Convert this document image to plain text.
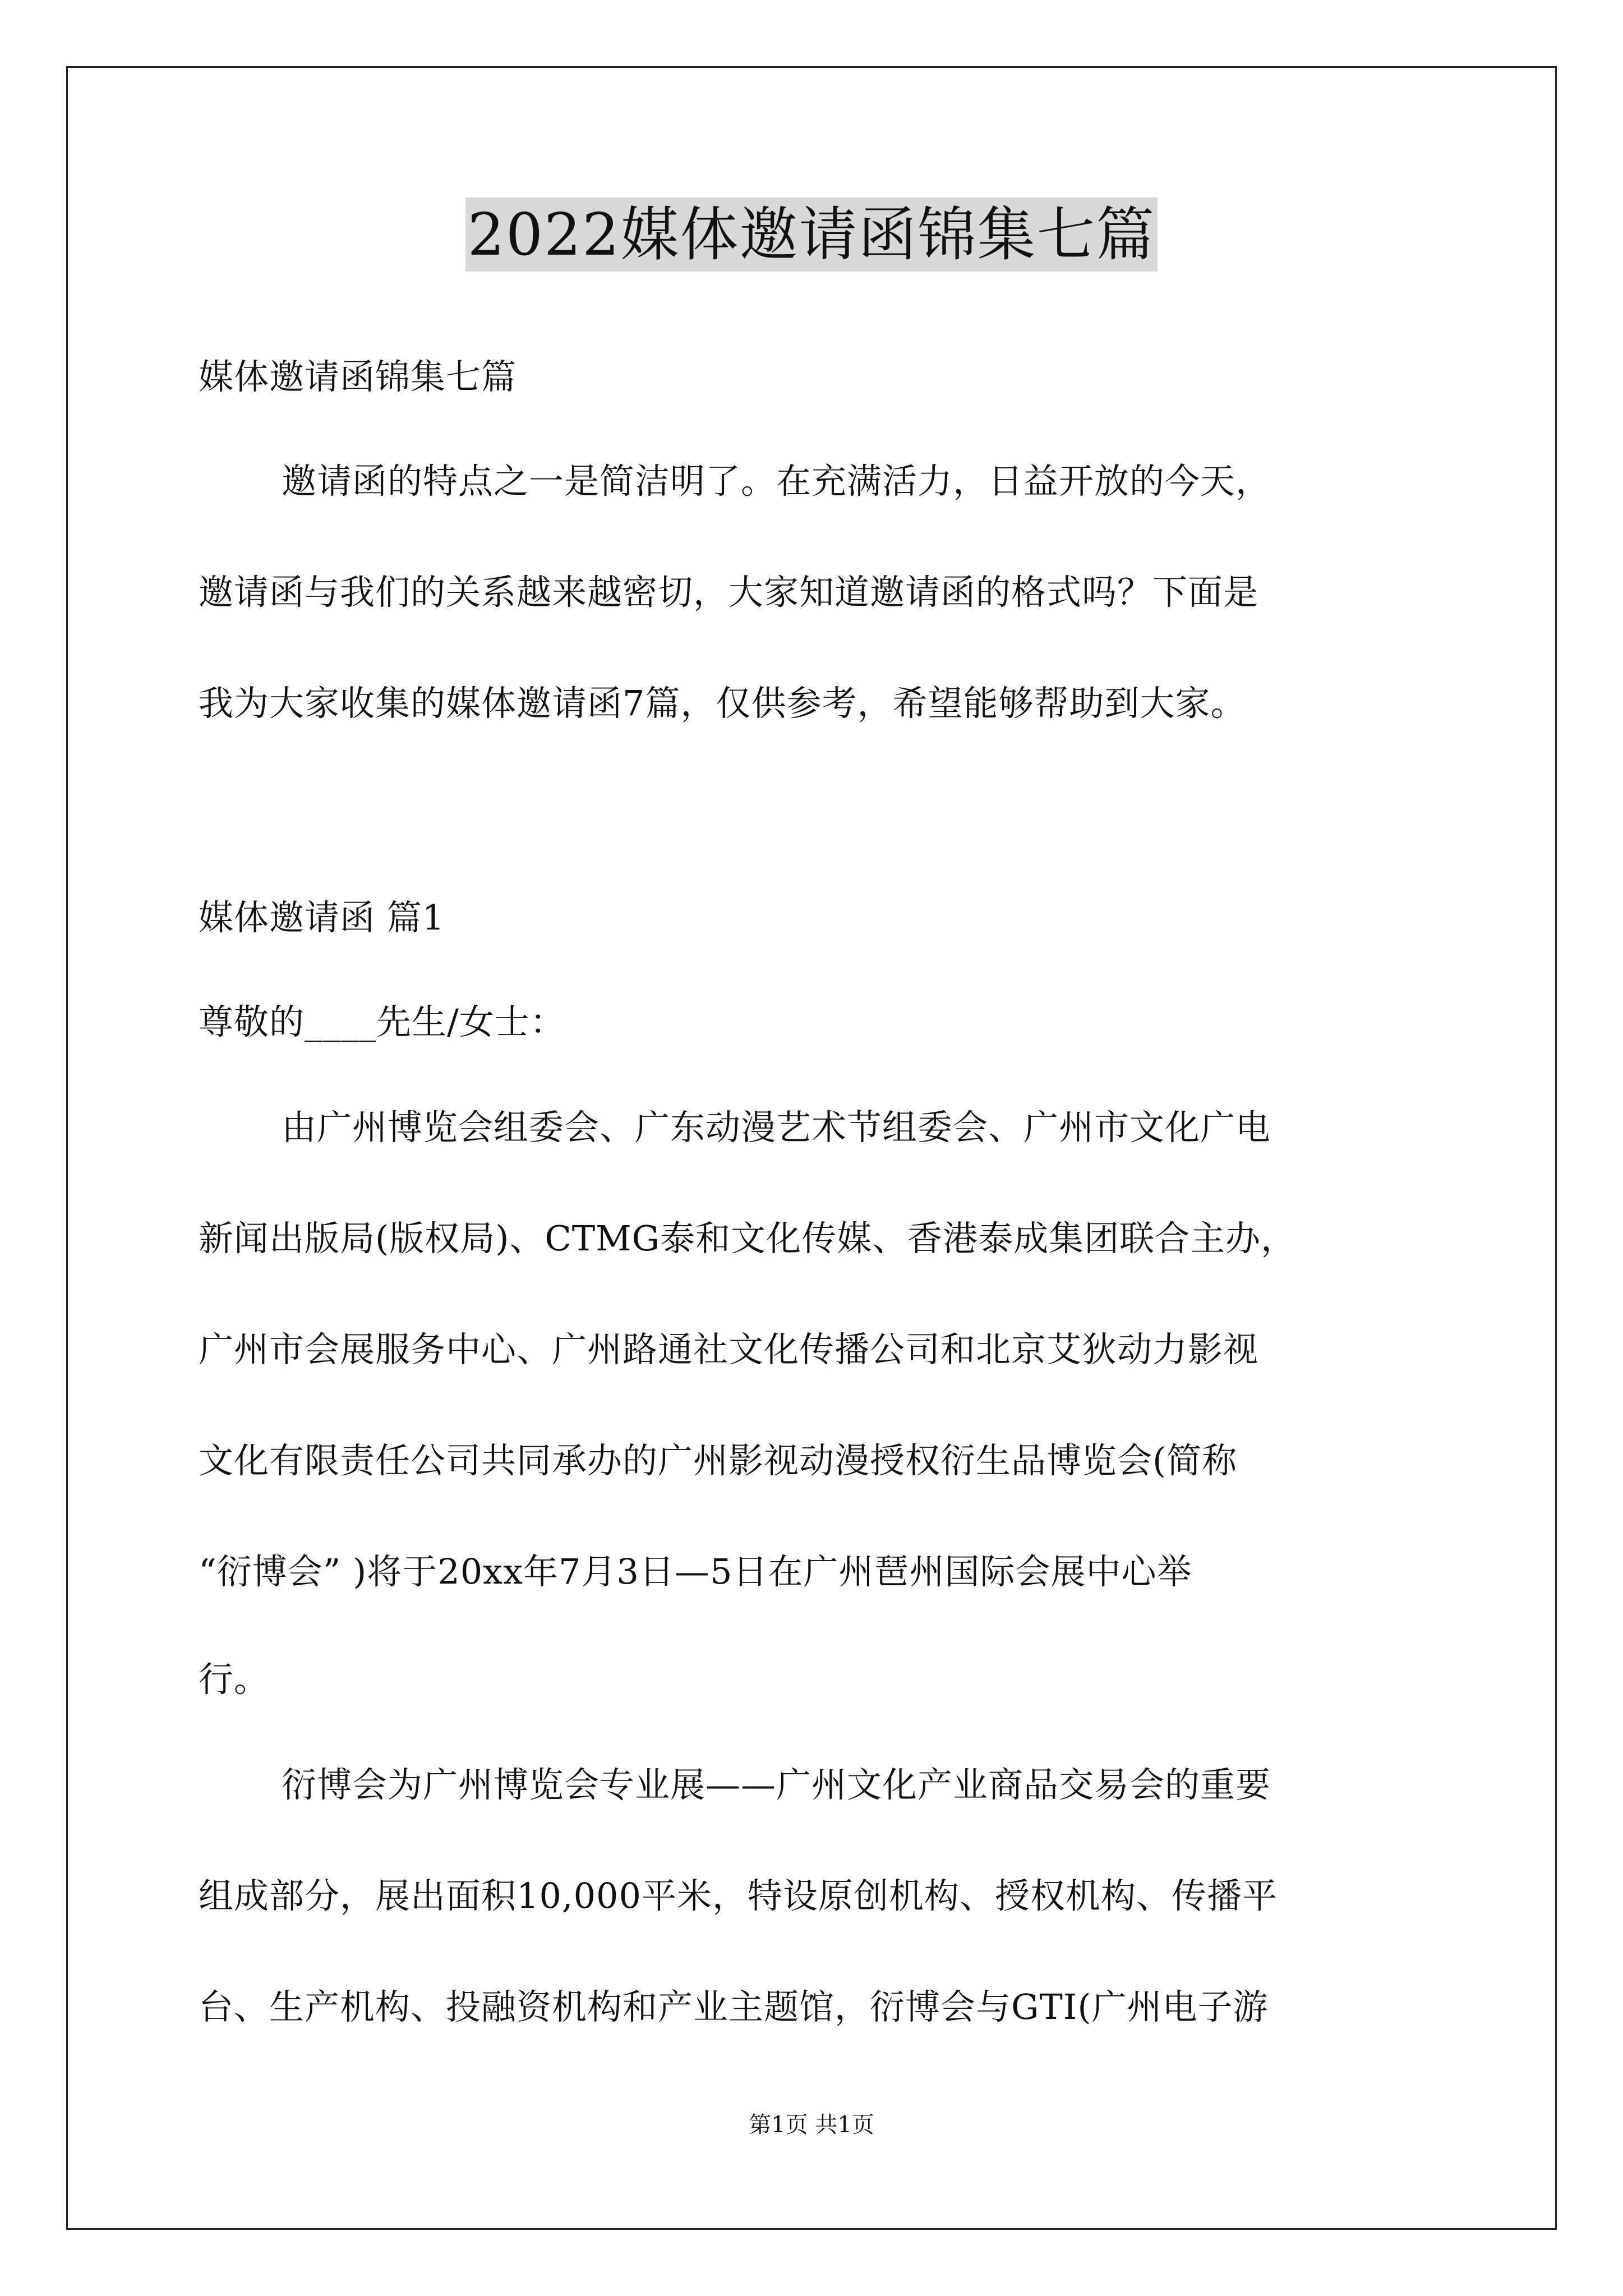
2022媒体邀请函锦集七篇
媒体邀请函锦集七篇
邀请函的特点之一是简洁明了。在充满活力，日益开放的今天，
邀请函与我们的关系越来越密切，大家知道邀请函的格式吗？下面是
我为大家收集的媒体邀请函7篇，仅供参考，希望能够帮助到大家。
媒体邀请函 篇1
尊敬的____先生/女士：
由广州博览会组委会、广东动漫艺术节组委会、广州市文化广电
新闻出版局(版权局)、CTMG泰和文化传媒、香港泰成集团联合主办，
广州市会展服务中心、广州路通社文化传播公司和北京艾狄动力影视
文化有限责任公司共同承办的广州影视动漫授权衍生品博览会(简称
“衍博会” )将于20xx年7月3日—5日在广州琶州国际会展中心举
行。
衍博会为广州博览会专业展——广州文化产业商品交易会的重要
组成部分，展出面积10,000平米，特设原创机构、授权机构、传播平
台、生产机构、投融资机构和产业主题馆，衍博会与GTI(广州电子游
第1页 共1页
